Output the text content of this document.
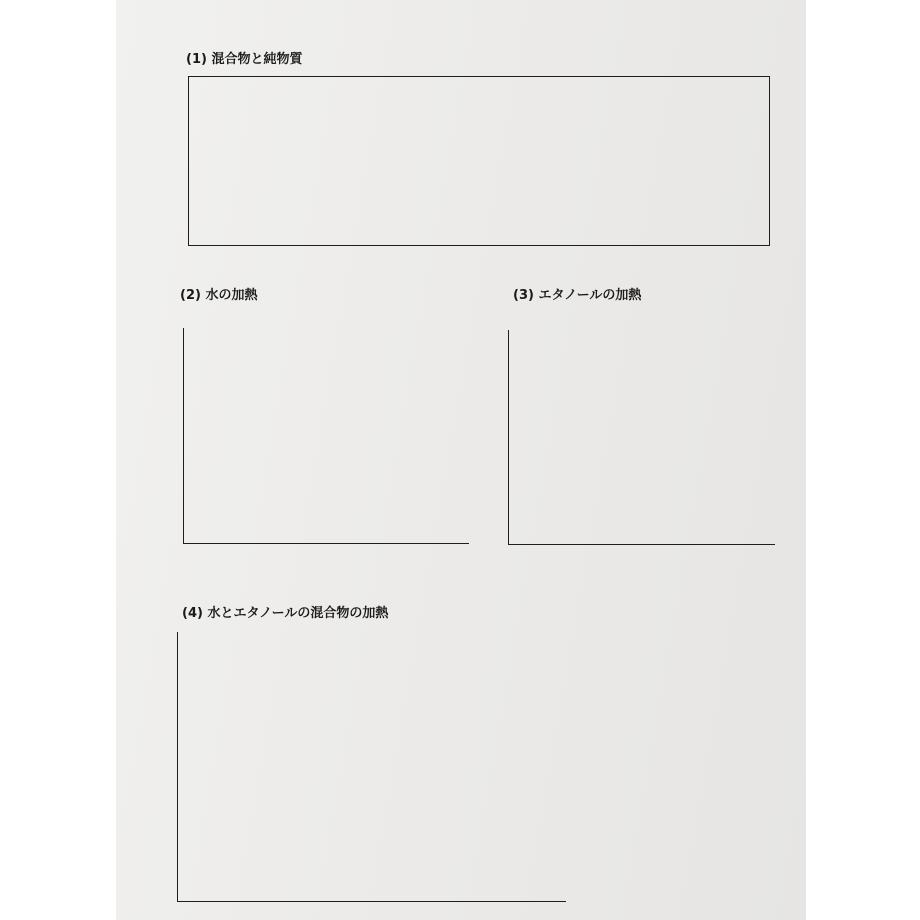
(1) 混合物と純物質
(2) 水の加熱	(3) エタノールの加熱
(4) 水とエタノールの混合物の加熱
